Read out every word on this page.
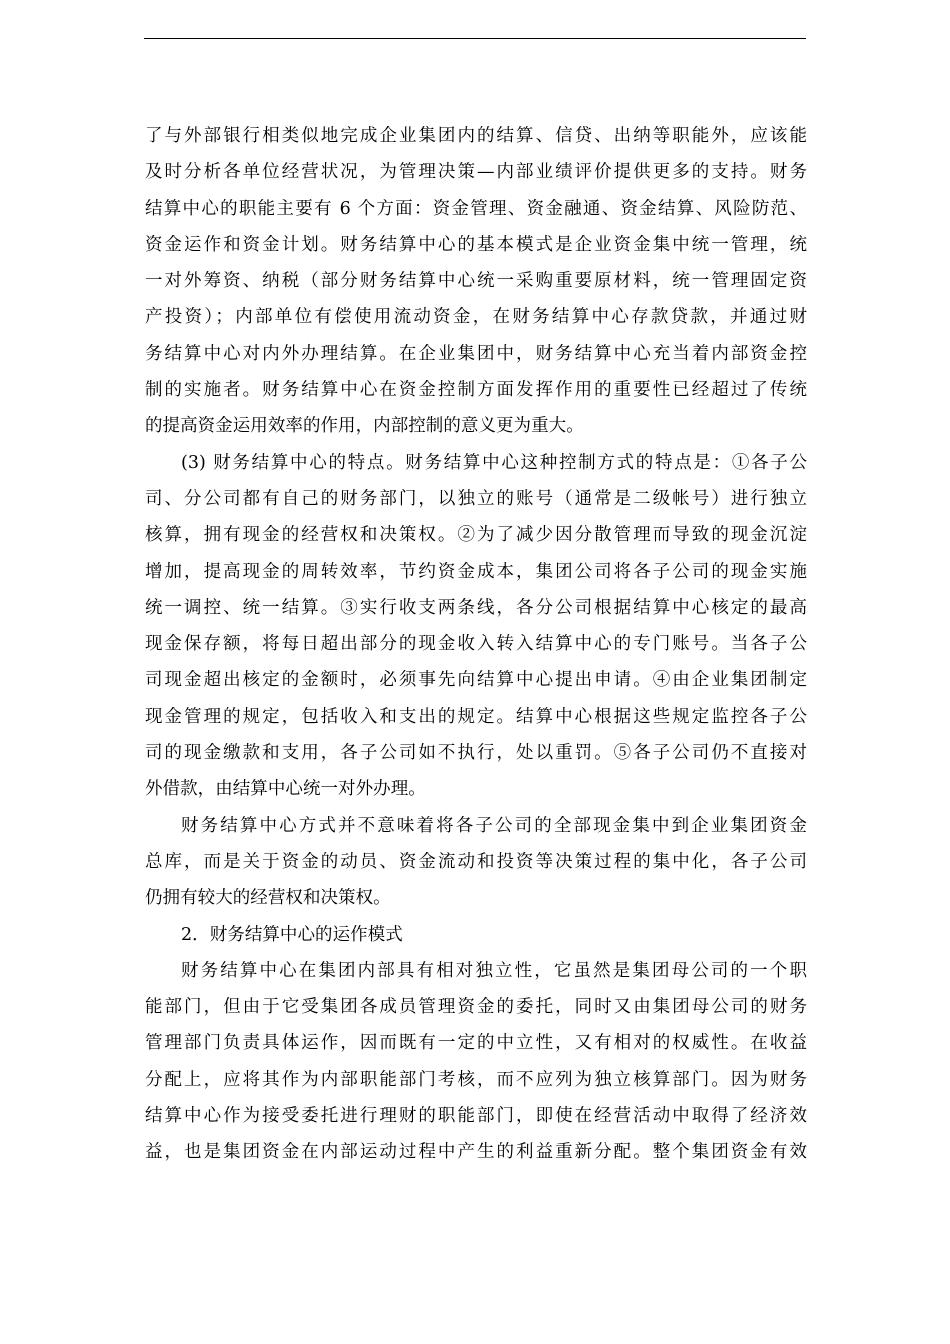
了与外部银行相类似地完成企业集团内的结算、信贷、出纳等职能外，应该能
及时分析各单位经营状况，为管理决策—内部业绩评价提供更多的支持。财务
结算中心的职能主要有 6 个方面：资金管理、资金融通、资金结算、风险防范、
资金运作和资金计划。财务结算中心的基本模式是企业资金集中统一管理，统
一对外筹资、纳税（部分财务结算中心统一采购重要原材料，统一管理固定资
产投资）；内部单位有偿使用流动资金，在财务结算中心存款贷款，并通过财
务结算中心对内外办理结算。在企业集团中，财务结算中心充当着内部资金控
制的实施者。财务结算中心在资金控制方面发挥作用的重要性已经超过了传统
的提高资金运用效率的作用，内部控制的意义更为重大。
(3) 财务结算中心的特点。财务结算中心这种控制方式的特点是：①各子公
司、分公司都有自己的财务部门，以独立的账号（通常是二级帐号）进行独立
核算，拥有现金的经营权和决策权。②为了减少因分散管理而导致的现金沉淀
增加，提高现金的周转效率，节约资金成本，集团公司将各子公司的现金实施
统一调控、统一结算。③实行收支两条线，各分公司根据结算中心核定的最高
现金保存额，将每日超出部分的现金收入转入结算中心的专门账号。当各子公
司现金超出核定的金额时，必须事先向结算中心提出申请。④由企业集团制定
现金管理的规定，包括收入和支出的规定。结算中心根据这些规定监控各子公
司的现金缴款和支用，各子公司如不执行，处以重罚。⑤各子公司仍不直接对
外借款，由结算中心统一对外办理。
财务结算中心方式并不意味着将各子公司的全部现金集中到企业集团资金
总库，而是关于资金的动员、资金流动和投资等决策过程的集中化，各子公司
仍拥有较大的经营权和决策权。
2．财务结算中心的运作模式
财务结算中心在集团内部具有相对独立性，它虽然是集团母公司的一个职
能部门，但由于它受集团各成员管理资金的委托，同时又由集团母公司的财务
管理部门负责具体运作，因而既有一定的中立性，又有相对的权威性。在收益
分配上，应将其作为内部职能部门考核，而不应列为独立核算部门。因为财务
结算中心作为接受委托进行理财的职能部门，即使在经营活动中取得了经济效
益，也是集团资金在内部运动过程中产生的利益重新分配。整个集团资金有效
